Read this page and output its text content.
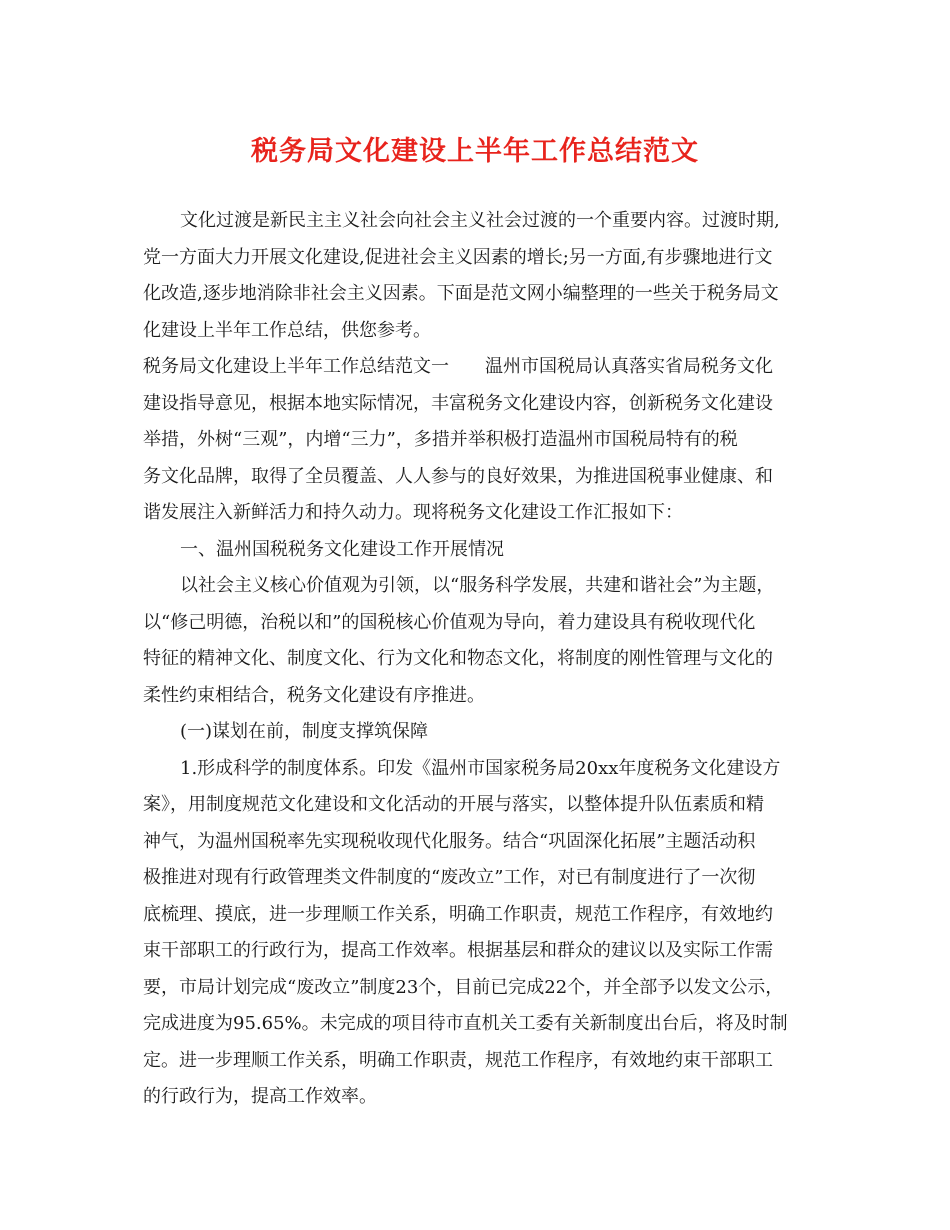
税务局文化建设上半年工作总结范文
文化过渡是新民主主义社会向社会主义社会过渡的一个重要内容。过渡时期,
党一方面大力开展文化建设,促进社会主义因素的增长;另一方面,有步骤地进行文
化改造,逐步地消除非社会主义因素。下面是范文网小编整理的一些关于税务局文
化建设上半年工作总结，供您参考。
税务局文化建设上半年工作总结范文一　　温州市国税局认真落实省局税务文化
建设指导意见，根据本地实际情况，丰富税务文化建设内容，创新税务文化建设
举措，外树“三观”，内增“三力”，多措并举积极打造温州市国税局特有的税
务文化品牌，取得了全员覆盖、人人参与的良好效果，为推进国税事业健康、和
谐发展注入新鲜活力和持久动力。现将税务文化建设工作汇报如下：
一、温州国税税务文化建设工作开展情况
以社会主义核心价值观为引领，以“服务科学发展，共建和谐社会”为主题，
以“修己明德，治税以和”的国税核心价值观为导向，着力建设具有税收现代化
特征的精神文化、制度文化、行为文化和物态文化，将制度的刚性管理与文化的
柔性约束相结合，税务文化建设有序推进。
(一)谋划在前，制度支撑筑保障
1.形成科学的制度体系。印发《温州市国家税务局20xx年度税务文化建设方
案》，用制度规范文化建设和文化活动的开展与落实，以整体提升队伍素质和精
神气，为温州国税率先实现税收现代化服务。结合“巩固深化拓展”主题活动积
极推进对现有行政管理类文件制度的“废改立”工作，对已有制度进行了一次彻
底梳理、摸底，进一步理顺工作关系，明确工作职责，规范工作程序，有效地约
束干部职工的行政行为，提高工作效率。根据基层和群众的建议以及实际工作需
要，市局计划完成“废改立”制度23个，目前已完成22个，并全部予以发文公示，
完成进度为95.65%。未完成的项目待市直机关工委有关新制度出台后，将及时制
定。进一步理顺工作关系，明确工作职责，规范工作程序，有效地约束干部职工
的行政行为，提高工作效率。
